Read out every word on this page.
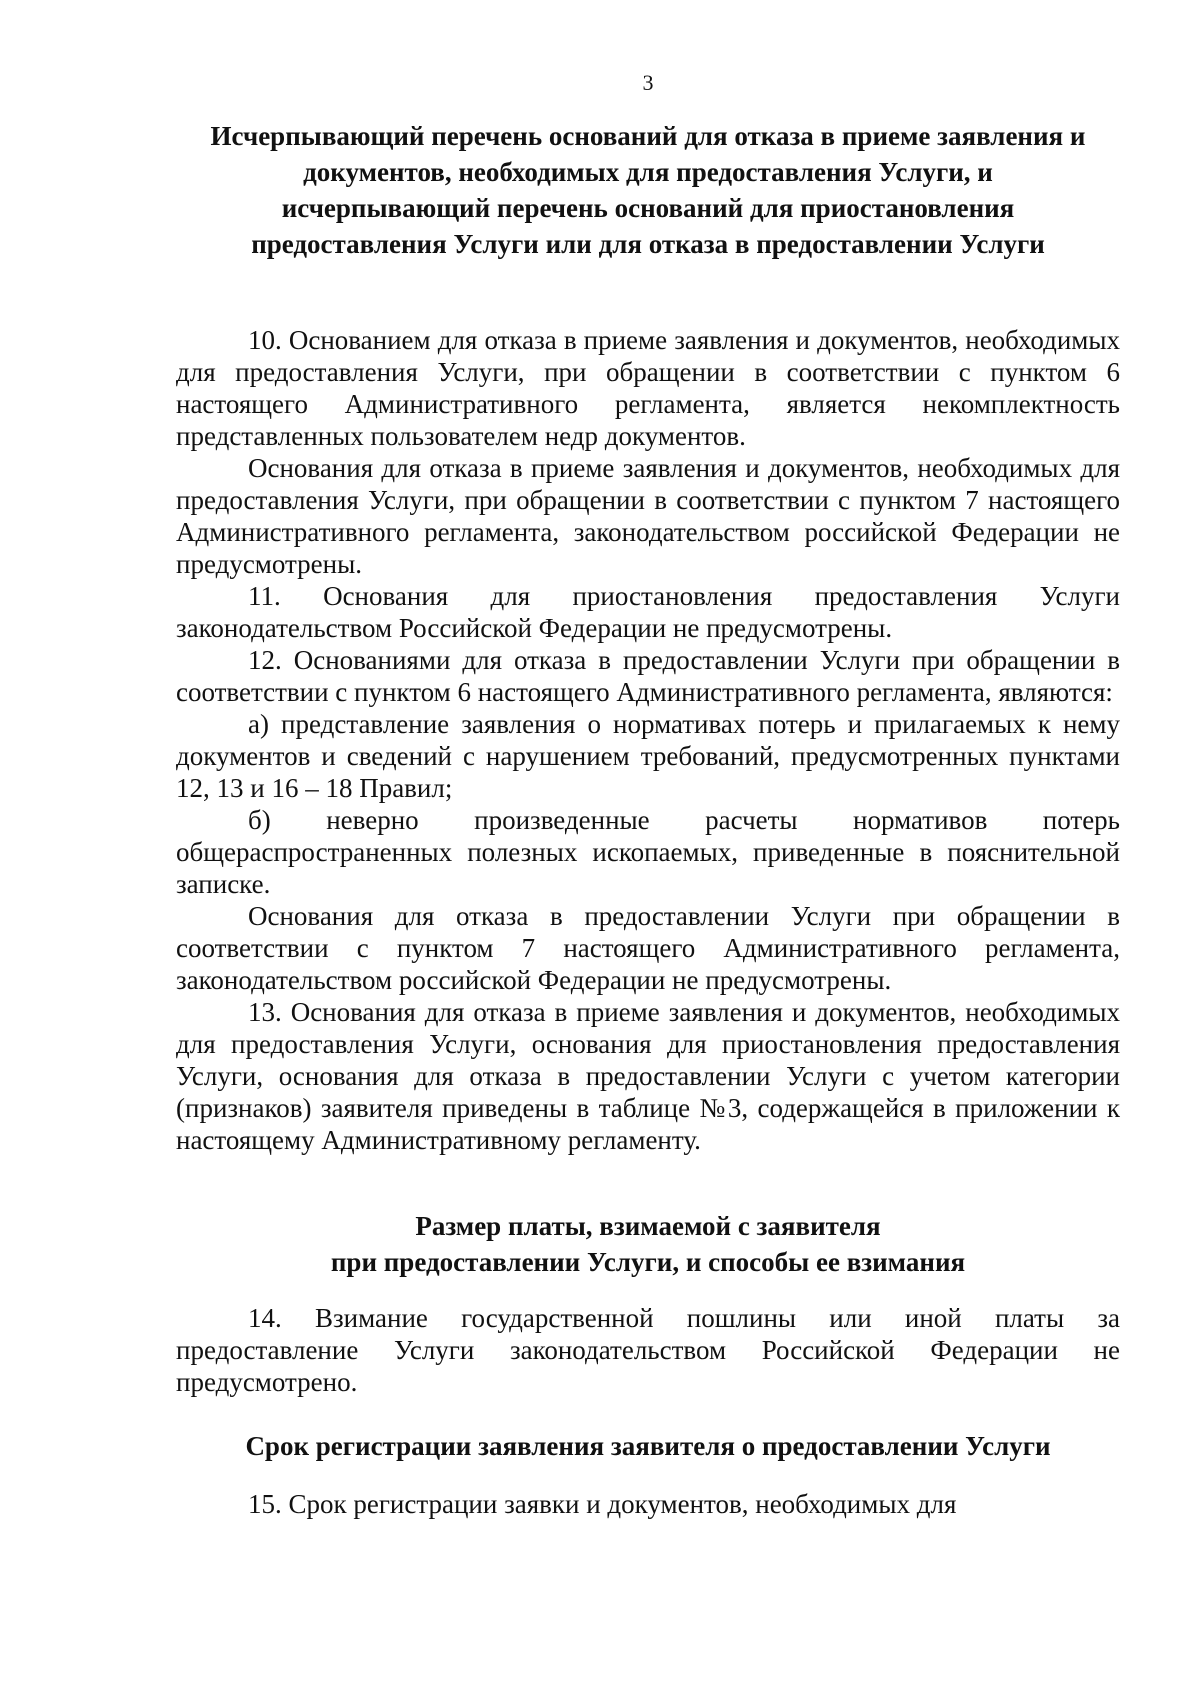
3
Исчерпывающий перечень оснований для отказа в приеме заявления и
документов, необходимых для предоставления Услуги, и
исчерпывающий перечень оснований для приостановления
предоставления Услуги или для отказа в предоставлении Услуги

10. Основанием для отказа в приеме заявления и документов, необходимых для предоставления Услуги, при обращении в соответствии с пунктом 6 настоящего Административного регламента, является некомплектность представленных пользователем недр документов.

Основания для отказа в приеме заявления и документов, необходимых для предоставления Услуги, при обращении в соответствии с пунктом 7 настоящего Административного регламента, законодательством российской Федерации не предусмотрены.

11. Основания для приостановления предоставления Услуги законодательством Российской Федерации не предусмотрены.

12. Основаниями для отказа в предоставлении Услуги при обращении в соответствии с пунктом 6 настоящего Административного регламента, являются:

а) представление заявления о нормативах потерь и прилагаемых к нему документов и сведений с нарушением требований, предусмотренных пунктами 12, 13 и 16 – 18 Правил;

б) неверно произведенные расчеты нормативов потерь общераспространенных полезных ископаемых, приведенные в пояснительной записке.

Основания для отказа в предоставлении Услуги при обращении в соответствии с пунктом 7 настоящего Административного регламента, законодательством российской Федерации не предусмотрены.

13. Основания для отказа в приеме заявления и документов, необходимых для предоставления Услуги, основания для приостановления предоставления Услуги, основания для отказа в предоставлении Услуги с учетом категории (признаков) заявителя приведены в таблице №3, содержащейся в приложении к настоящему Административному регламенту.

Размер платы, взимаемой с заявителя
при предоставлении Услуги, и способы ее взимания

14. Взимание государственной пошлины или иной платы за предоставление Услуги законодательством Российской Федерации не предусмотрено.

Срок регистрации заявления заявителя о предоставлении Услуги

15. Срок регистрации заявки и документов, необходимых для
